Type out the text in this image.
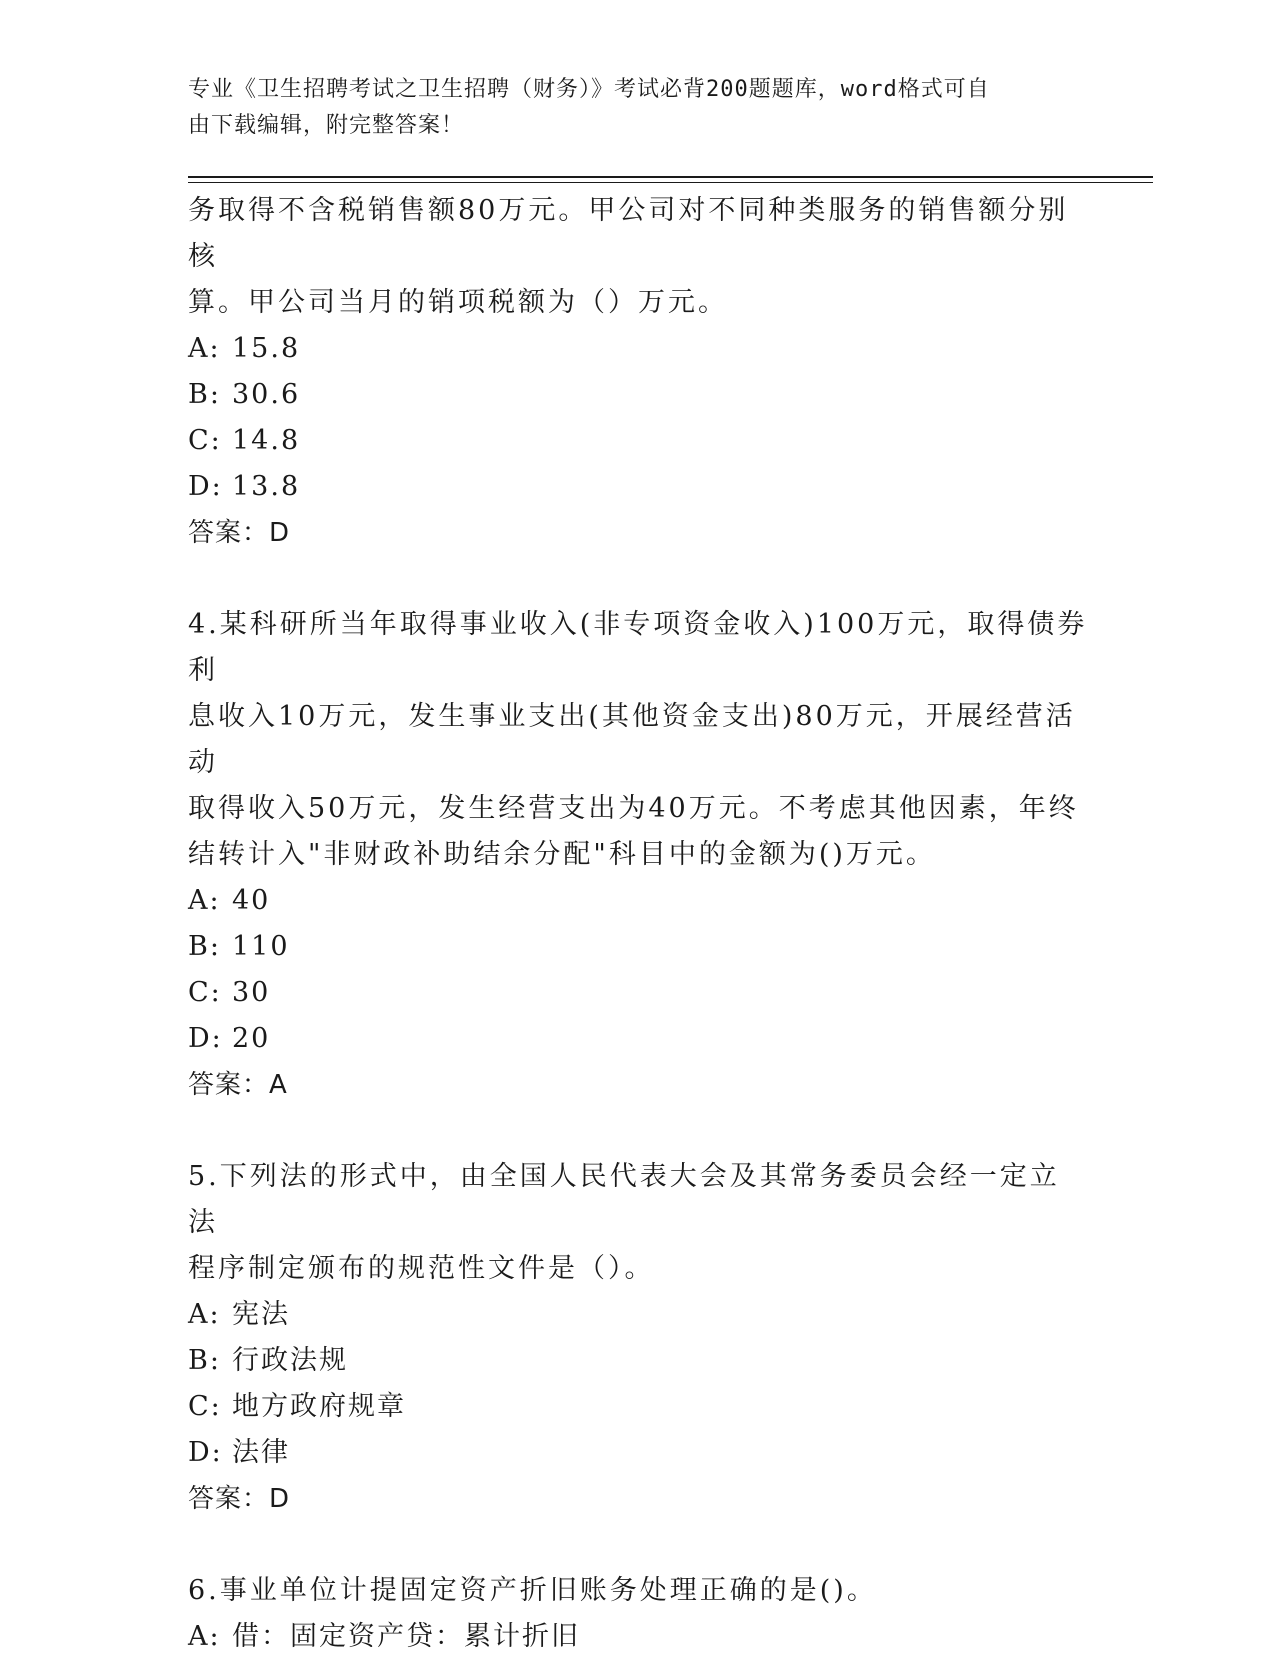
专业《卫生招聘考试之卫生招聘（财务）》考试必背200题题库，word格式可自
由下载编辑，附完整答案！

务取得不含税销售额80万元。甲公司对不同种类服务的销售额分别核

算。甲公司当月的销项税额为（）万元。

A: 15.8

B: 30.6

C: 14.8

D: 13.8

答案：D

4.某科研所当年取得事业收入(非专项资金收入)100万元，取得债券利

息收入10万元，发生事业支出(其他资金支出)80万元，开展经营活动

取得收入50万元，发生经营支出为40万元。不考虑其他因素，年终

结转计入"非财政补助结余分配"科目中的金额为()万元。

A: 40

B: 110

C: 30

D: 20

答案：A

5.下列法的形式中，由全国人民代表大会及其常务委员会经一定立法

程序制定颁布的规范性文件是（）。

A: 宪法

B: 行政法规

C: 地方政府规章

D: 法律

答案：D

6.事业单位计提固定资产折旧账务处理正确的是()。

A: 借：固定资产贷：累计折旧
